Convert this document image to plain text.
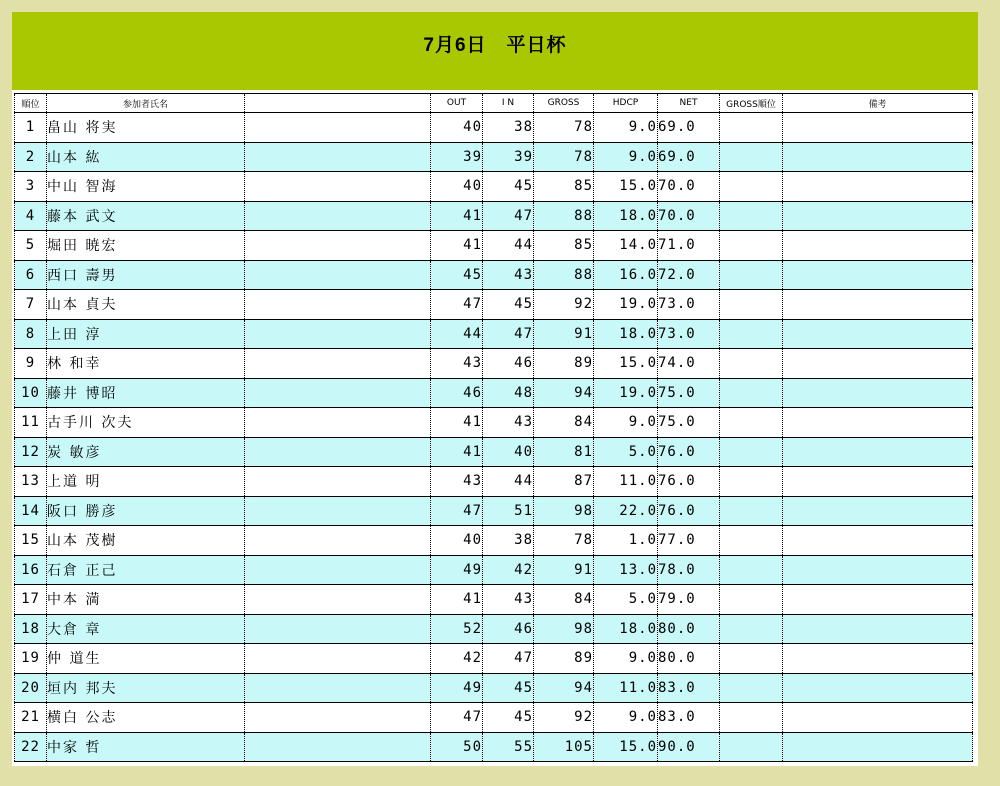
7月6日　平日杯
順位	参加者氏名		OUT	I N	GROSS	HDCP	NET	GROSS順位	備考
1	畠山 将実		40	38	78	9.0	69.0		
2	山本 紘		39	39	78	9.0	69.0		
3	中山 智海		40	45	85	15.0	70.0		
4	藤本 武文		41	47	88	18.0	70.0		
5	堀田 暁宏		41	44	85	14.0	71.0		
6	西口 壽男		45	43	88	16.0	72.0		
7	山本 貞夫		47	45	92	19.0	73.0		
8	上田 淳		44	47	91	18.0	73.0		
9	林 和幸		43	46	89	15.0	74.0		
10	藤井 博昭		46	48	94	19.0	75.0		
11	古手川 次夫		41	43	84	9.0	75.0		
12	炭 敏彦		41	40	81	5.0	76.0		
13	上道 明		43	44	87	11.0	76.0		
14	阪口 勝彦		47	51	98	22.0	76.0		
15	山本 茂樹		40	38	78	1.0	77.0		
16	石倉 正己		49	42	91	13.0	78.0		
17	中本 満		41	43	84	5.0	79.0		
18	大倉 章		52	46	98	18.0	80.0		
19	仲 道生		42	47	89	9.0	80.0		
20	垣内 邦夫		49	45	94	11.0	83.0		
21	横白 公志		47	45	92	9.0	83.0		
22	中家 哲		50	55	105	15.0	90.0		
